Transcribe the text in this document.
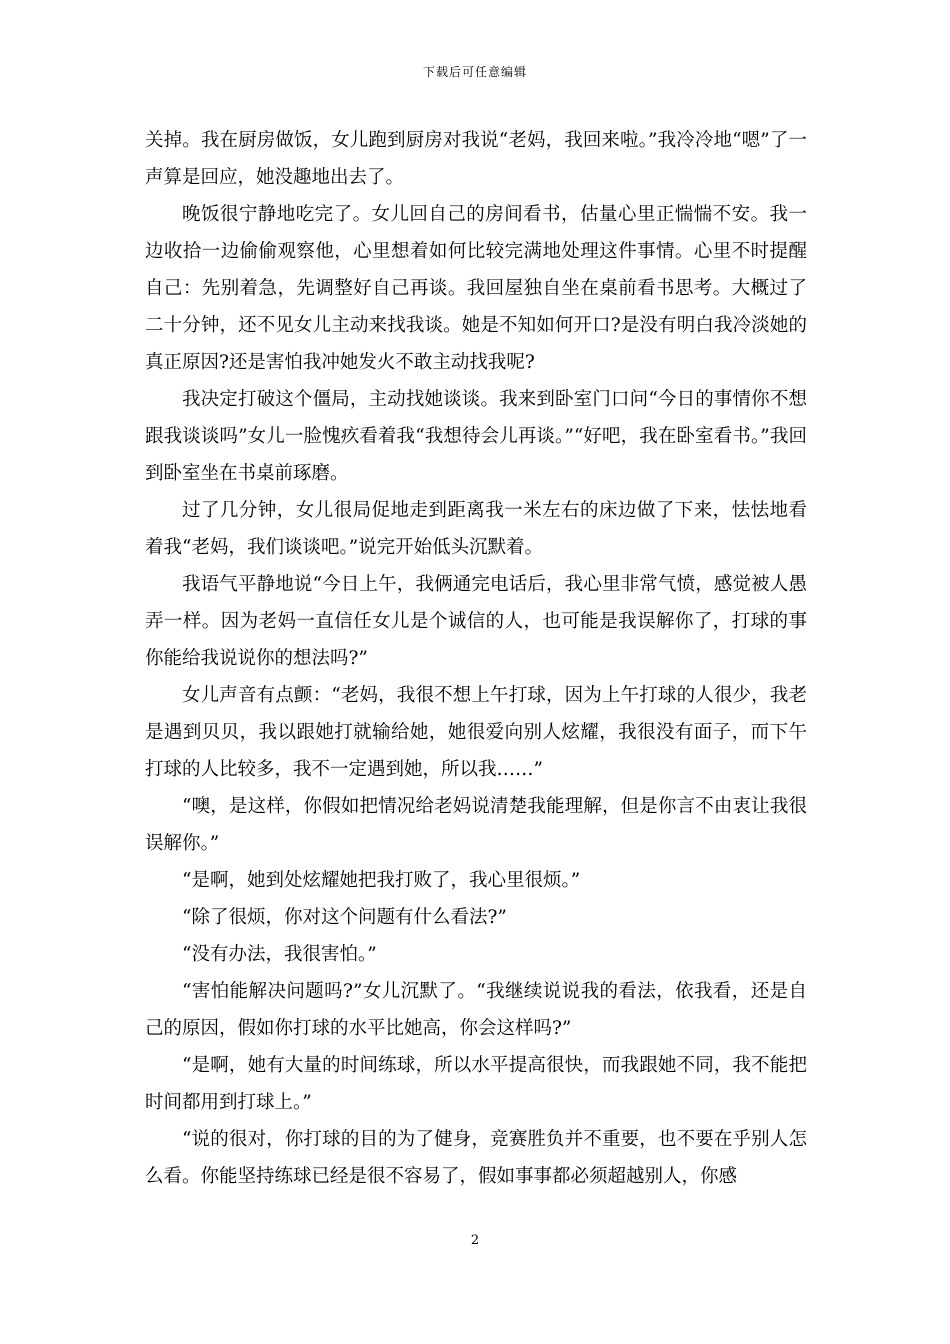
下载后可任意编辑

关掉。我在厨房做饭，女儿跑到厨房对我说“老妈，我回来啦。”我冷冷地“嗯”了一声算是回应，她没趣地出去了。

晚饭很宁静地吃完了。女儿回自己的房间看书，估量心里正惴惴不安。我一边收拾一边偷偷观察他，心里想着如何比较完满地处理这件事情。心里不时提醒自己：先别着急，先调整好自己再谈。我回屋独自坐在桌前看书思考。大概过了二十分钟，还不见女儿主动来找我谈。她是不知如何开口?是没有明白我冷淡她的真正原因?还是害怕我冲她发火不敢主动找我呢?

我决定打破这个僵局，主动找她谈谈。我来到卧室门口问“今日的事情你不想跟我谈谈吗”女儿一脸愧疚看着我“我想待会儿再谈。”“好吧，我在卧室看书。”我回到卧室坐在书桌前琢磨。

过了几分钟，女儿很局促地走到距离我一米左右的床边做了下来，怯怯地看着我“老妈，我们谈谈吧。”说完开始低头沉默着。

我语气平静地说“今日上午，我俩通完电话后，我心里非常气愤，感觉被人愚弄一样。因为老妈一直信任女儿是个诚信的人，也可能是我误解你了，打球的事你能给我说说你的想法吗?”

女儿声音有点颤：“老妈，我很不想上午打球，因为上午打球的人很少，我老是遇到贝贝，我以跟她打就输给她，她很爱向别人炫耀，我很没有面子，而下午打球的人比较多，我不一定遇到她，所以我……”

“噢，是这样，你假如把情况给老妈说清楚我能理解，但是你言不由衷让我很误解你。”

“是啊，她到处炫耀她把我打败了，我心里很烦。”

“除了很烦，你对这个问题有什么看法?”

“没有办法，我很害怕。”

“害怕能解决问题吗?”女儿沉默了。“我继续说说我的看法，依我看，还是自己的原因，假如你打球的水平比她高，你会这样吗?”

“是啊，她有大量的时间练球，所以水平提高很快，而我跟她不同，我不能把时间都用到打球上。”

“说的很对，你打球的目的为了健身，竞赛胜负并不重要，也不要在乎别人怎么看。你能坚持练球已经是很不容易了，假如事事都必须超越别人，你感

2
